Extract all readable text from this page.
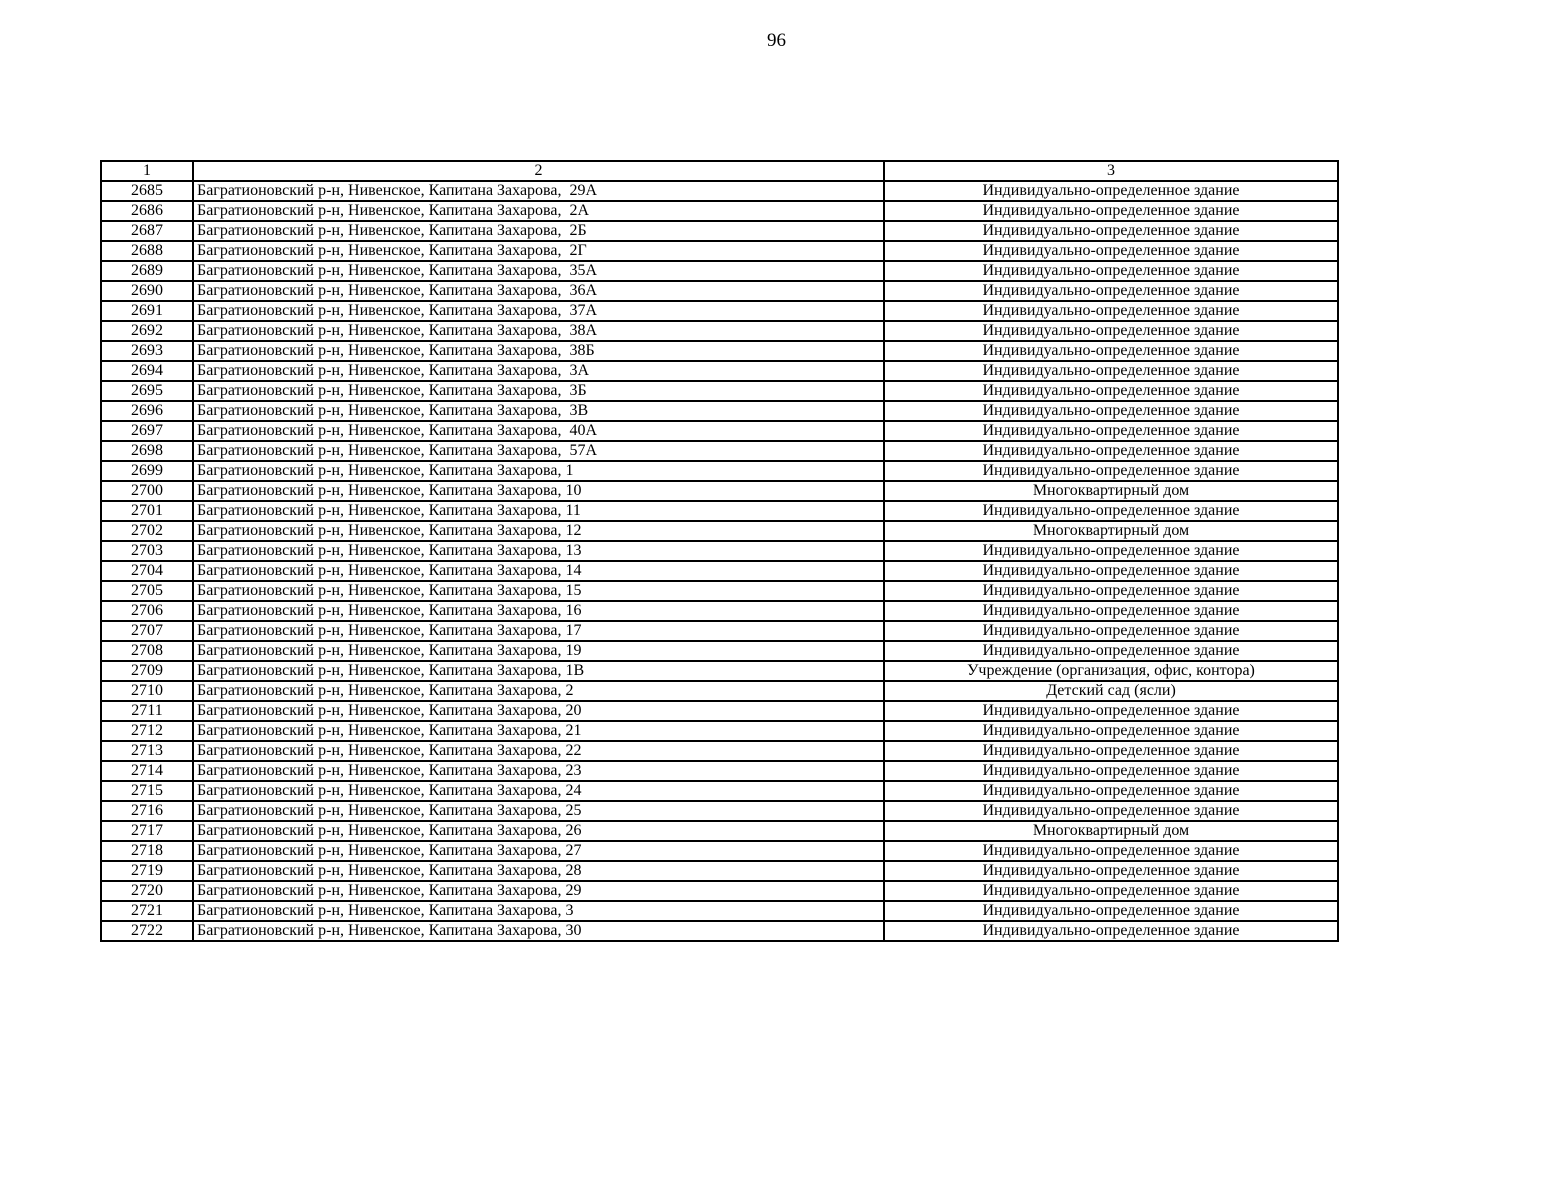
96
1	2	3
2685	Багратионовский р-н, Нивенское, Капитана Захарова,  29А	Индивидуально-определенное здание
2686	Багратионовский р-н, Нивенское, Капитана Захарова,  2А	Индивидуально-определенное здание
2687	Багратионовский р-н, Нивенское, Капитана Захарова,  2Б	Индивидуально-определенное здание
2688	Багратионовский р-н, Нивенское, Капитана Захарова,  2Г	Индивидуально-определенное здание
2689	Багратионовский р-н, Нивенское, Капитана Захарова,  35А	Индивидуально-определенное здание
2690	Багратионовский р-н, Нивенское, Капитана Захарова,  36А	Индивидуально-определенное здание
2691	Багратионовский р-н, Нивенское, Капитана Захарова,  37А	Индивидуально-определенное здание
2692	Багратионовский р-н, Нивенское, Капитана Захарова,  38А	Индивидуально-определенное здание
2693	Багратионовский р-н, Нивенское, Капитана Захарова,  38Б	Индивидуально-определенное здание
2694	Багратионовский р-н, Нивенское, Капитана Захарова,  3А	Индивидуально-определенное здание
2695	Багратионовский р-н, Нивенское, Капитана Захарова,  3Б	Индивидуально-определенное здание
2696	Багратионовский р-н, Нивенское, Капитана Захарова,  3В	Индивидуально-определенное здание
2697	Багратионовский р-н, Нивенское, Капитана Захарова,  40А	Индивидуально-определенное здание
2698	Багратионовский р-н, Нивенское, Капитана Захарова,  57А	Индивидуально-определенное здание
2699	Багратионовский р-н, Нивенское, Капитана Захарова, 1	Индивидуально-определенное здание
2700	Багратионовский р-н, Нивенское, Капитана Захарова, 10	Многоквартирный дом
2701	Багратионовский р-н, Нивенское, Капитана Захарова, 11	Индивидуально-определенное здание
2702	Багратионовский р-н, Нивенское, Капитана Захарова, 12	Многоквартирный дом
2703	Багратионовский р-н, Нивенское, Капитана Захарова, 13	Индивидуально-определенное здание
2704	Багратионовский р-н, Нивенское, Капитана Захарова, 14	Индивидуально-определенное здание
2705	Багратионовский р-н, Нивенское, Капитана Захарова, 15	Индивидуально-определенное здание
2706	Багратионовский р-н, Нивенское, Капитана Захарова, 16	Индивидуально-определенное здание
2707	Багратионовский р-н, Нивенское, Капитана Захарова, 17	Индивидуально-определенное здание
2708	Багратионовский р-н, Нивенское, Капитана Захарова, 19	Индивидуально-определенное здание
2709	Багратионовский р-н, Нивенское, Капитана Захарова, 1В	Учреждение (организация, офис, контора)
2710	Багратионовский р-н, Нивенское, Капитана Захарова, 2	Детский сад (ясли)
2711	Багратионовский р-н, Нивенское, Капитана Захарова, 20	Индивидуально-определенное здание
2712	Багратионовский р-н, Нивенское, Капитана Захарова, 21	Индивидуально-определенное здание
2713	Багратионовский р-н, Нивенское, Капитана Захарова, 22	Индивидуально-определенное здание
2714	Багратионовский р-н, Нивенское, Капитана Захарова, 23	Индивидуально-определенное здание
2715	Багратионовский р-н, Нивенское, Капитана Захарова, 24	Индивидуально-определенное здание
2716	Багратионовский р-н, Нивенское, Капитана Захарова, 25	Индивидуально-определенное здание
2717	Багратионовский р-н, Нивенское, Капитана Захарова, 26	Многоквартирный дом
2718	Багратионовский р-н, Нивенское, Капитана Захарова, 27	Индивидуально-определенное здание
2719	Багратионовский р-н, Нивенское, Капитана Захарова, 28	Индивидуально-определенное здание
2720	Багратионовский р-н, Нивенское, Капитана Захарова, 29	Индивидуально-определенное здание
2721	Багратионовский р-н, Нивенское, Капитана Захарова, 3	Индивидуально-определенное здание
2722	Багратионовский р-н, Нивенское, Капитана Захарова, 30	Индивидуально-определенное здание
